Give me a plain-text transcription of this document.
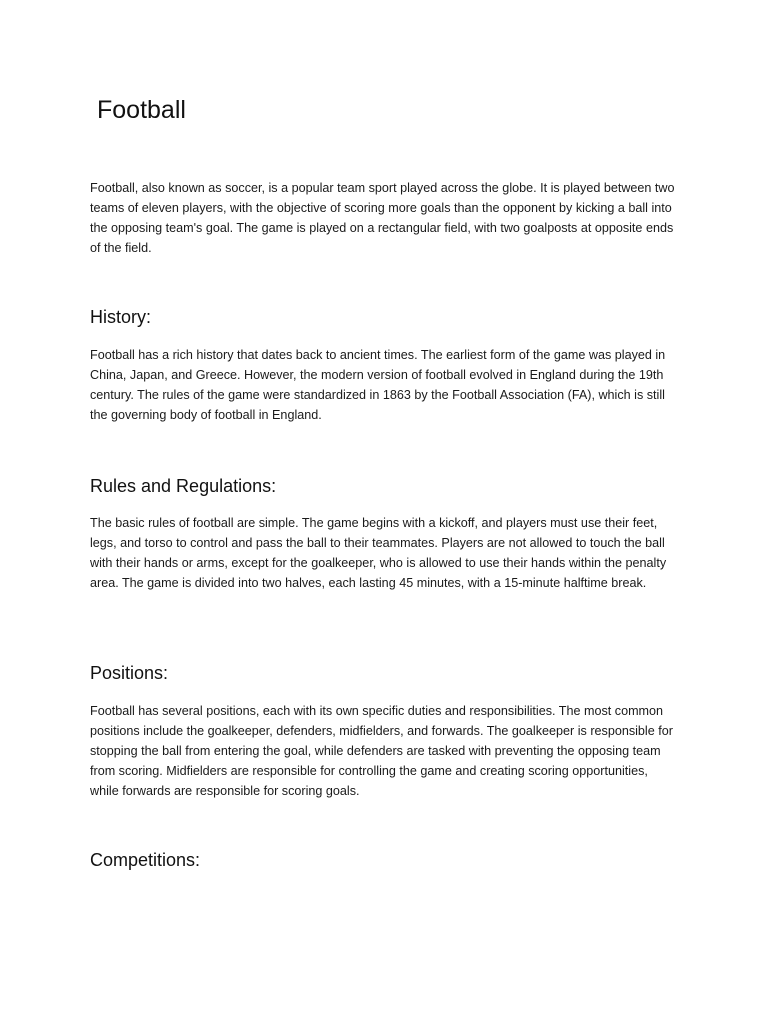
Football

Football, also known as soccer, is a popular team sport played across the globe. It is played between two teams of eleven players, with the objective of scoring more goals than the opponent by kicking a ball into the opposing team's goal. The game is played on a rectangular field, with two goalposts at opposite ends of the field.

History:

Football has a rich history that dates back to ancient times. The earliest form of the game was played in China, Japan, and Greece. However, the modern version of football evolved in England during the 19th century. The rules of the game were standardized in 1863 by the Football Association (FA), which is still the governing body of football in England.

Rules and Regulations:

The basic rules of football are simple. The game begins with a kickoff, and players must use their feet, legs, and torso to control and pass the ball to their teammates. Players are not allowed to touch the ball with their hands or arms, except for the goalkeeper, who is allowed to use their hands within the penalty area. The game is divided into two halves, each lasting 45 minutes, with a 15-minute halftime break.

Positions:

Football has several positions, each with its own specific duties and responsibilities. The most common positions include the goalkeeper, defenders, midfielders, and forwards. The goalkeeper is responsible for stopping the ball from entering the goal, while defenders are tasked with preventing the opposing team from scoring. Midfielders are responsible for controlling the game and creating scoring opportunities, while forwards are responsible for scoring goals.

Competitions:
